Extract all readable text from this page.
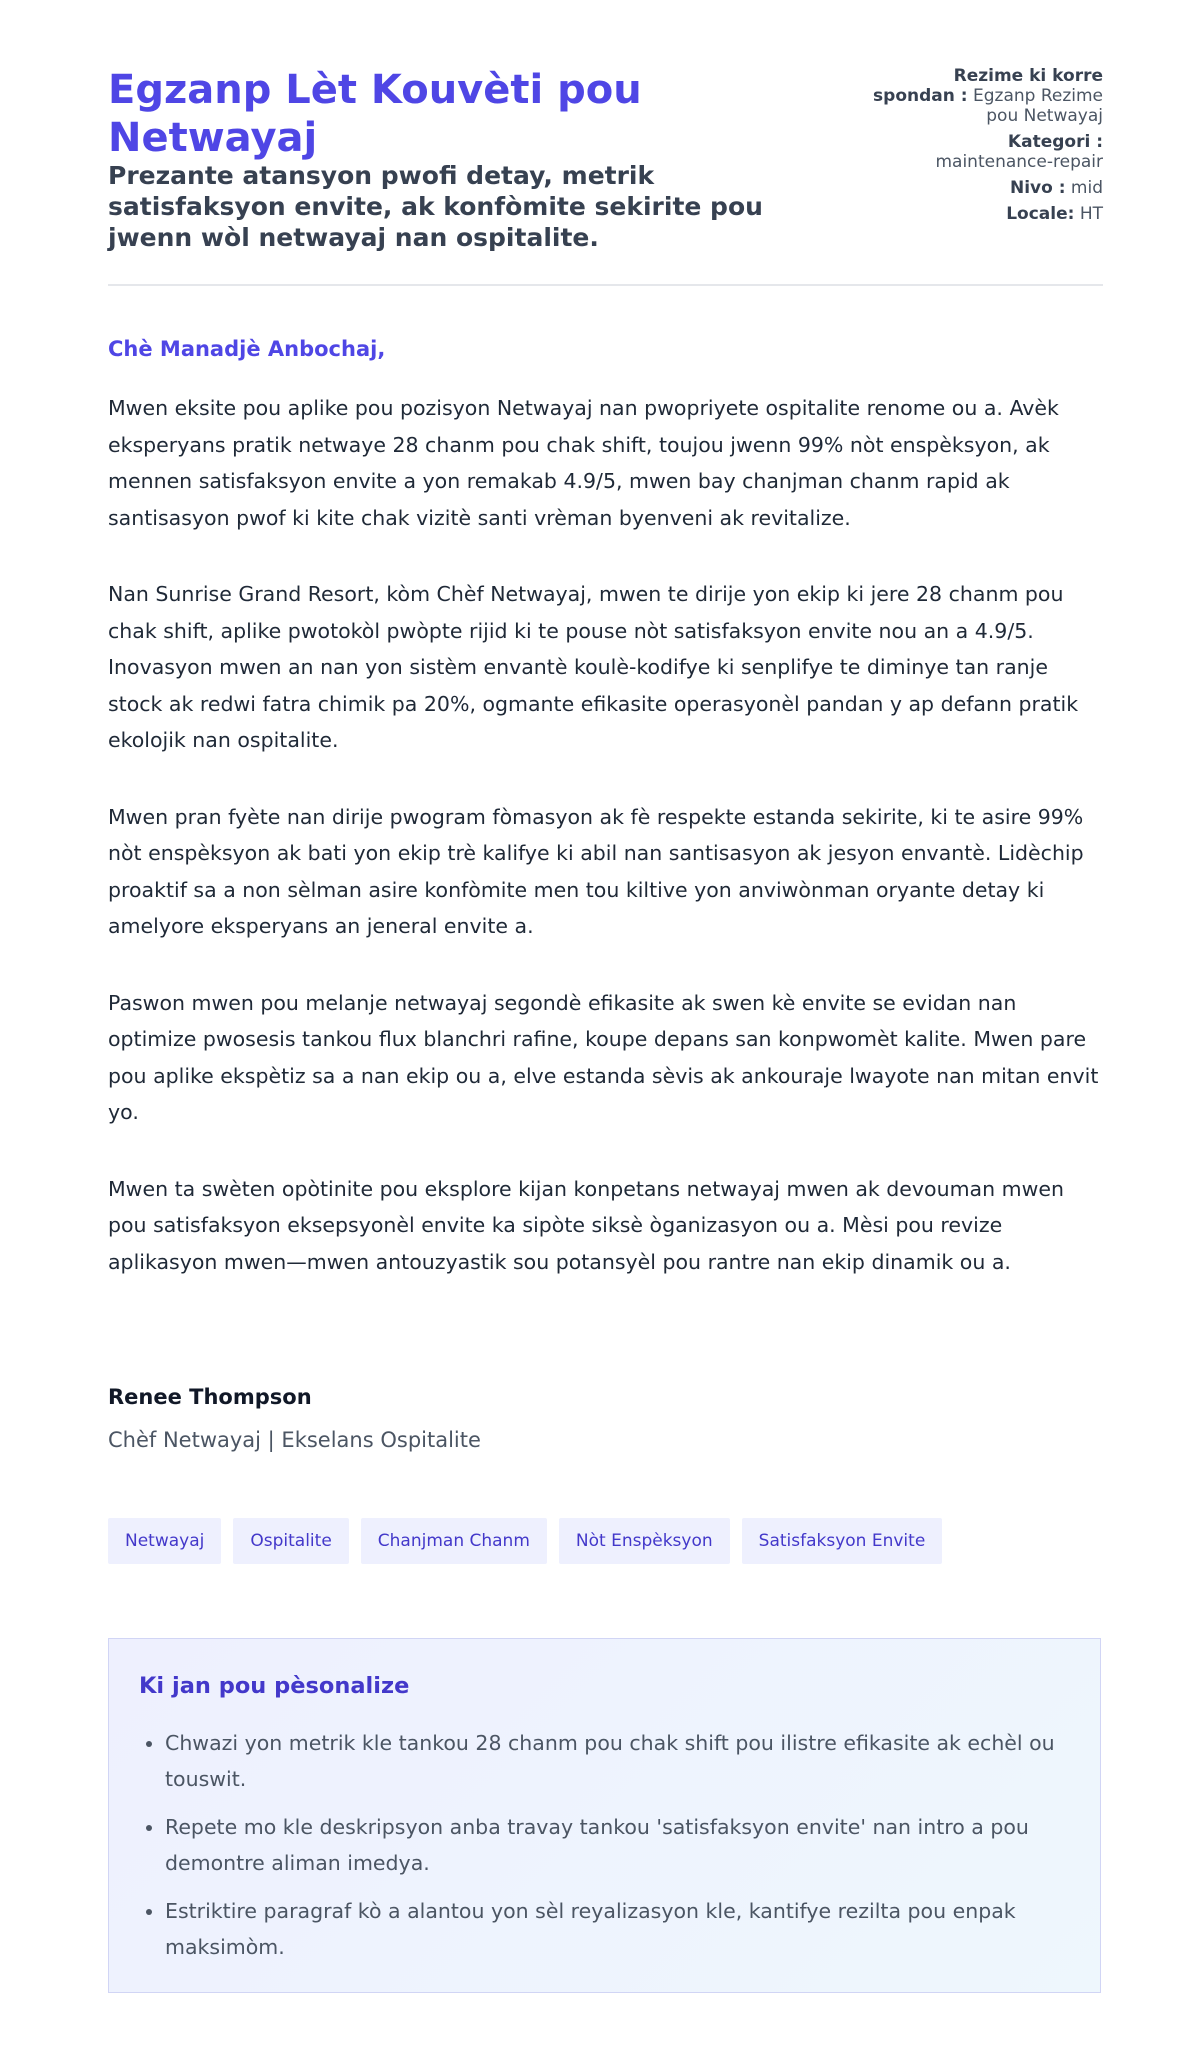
Egzanp Lèt Kouvèti pou Netwayaj
Prezante atansyon pwofi detay, metrik satisfaksyon envite, ak konfòmite sekirite pou jwenn wòl netwayaj nan ospitalite.
Rezime ki korre spondan : Egzanp Rezime pou Netwayaj
Kategori :
maintenance-repair
Nivo : mid
Locale: HT
Chè Manadjè Anbochaj,

Mwen eksite pou aplike pou pozisyon Netwayaj nan pwopriyete ospitalite renome ou a. Avèk eksperyans pratik netwaye 28 chanm pou chak shift, toujou jwenn 99% nòt enspèksyon, ak mennen satisfaksyon envite a yon remakab 4.9/5, mwen bay chanjman chanm rapid ak santisasyon pwof ki kite chak vizitè santi vrèman byenveni ak revitalize.

Nan Sunrise Grand Resort, kòm Chèf Netwayaj, mwen te dirije yon ekip ki jere 28 chanm pou chak shift, aplike pwotokòl pwòpte rijid ki te pouse nòt satisfaksyon envite nou an a 4.9/5. Inovasyon mwen an nan yon sistèm envantè koulè-kodifye ki senplifye te diminye tan ranje stock ak redwi fatra chimik pa 20%, ogmante efikasite operasyonèl pandan y ap defann pratik ekolojik nan ospitalite.

Mwen pran fyète nan dirije pwogram fòmasyon ak fè respekte estanda sekirite, ki te asire 99% nòt enspèksyon ak bati yon ekip trè kalifye ki abil nan santisasyon ak jesyon envantè. Lidèchip proaktif sa a non sèlman asire konfòmite men tou kiltive yon anviwònman oryante detay ki amelyore eksperyans an jeneral envite a.

Paswon mwen pou melanje netwayaj segondè efikasite ak swen kè envite se evidan nan optimize pwosesis tankou flux blanchri rafine, koupe depans san konpwomèt kalite. Mwen pare pou aplike ekspètiz sa a nan ekip ou a, elve estanda sèvis ak ankouraje lwayote nan mitan envit yo.

Mwen ta swèten opòtinite pou eksplore kijan konpetans netwayaj mwen ak devouman mwen pou satisfaksyon eksepsyonèl envite ka sipòte siksè òganizasyon ou a. Mèsi pou revize aplikasyon mwen—mwen antouzyastik sou potansyèl pou rantre nan ekip dinamik ou a.

Renee Thompson
Chèf Netwayaj | Ekselans Ospitalite
Netwayaj	Ospitalite	Chanjman Chanm	Nòt Enspèksyon	Satisfaksyon Envite
Ki jan pou pèsonalize
• Chwazi yon metrik kle tankou 28 chanm pou chak shift pou ilistre efikasite ak echèl ou touswit.
• Repete mo kle deskripsyon anba travay tankou 'satisfaksyon envite' nan intro a pou demontre aliman imedya.
• Estriktire paragraf kò a alantou yon sèl reyalizasyon kle, kantifye rezilta pou enpak maksimòm.
